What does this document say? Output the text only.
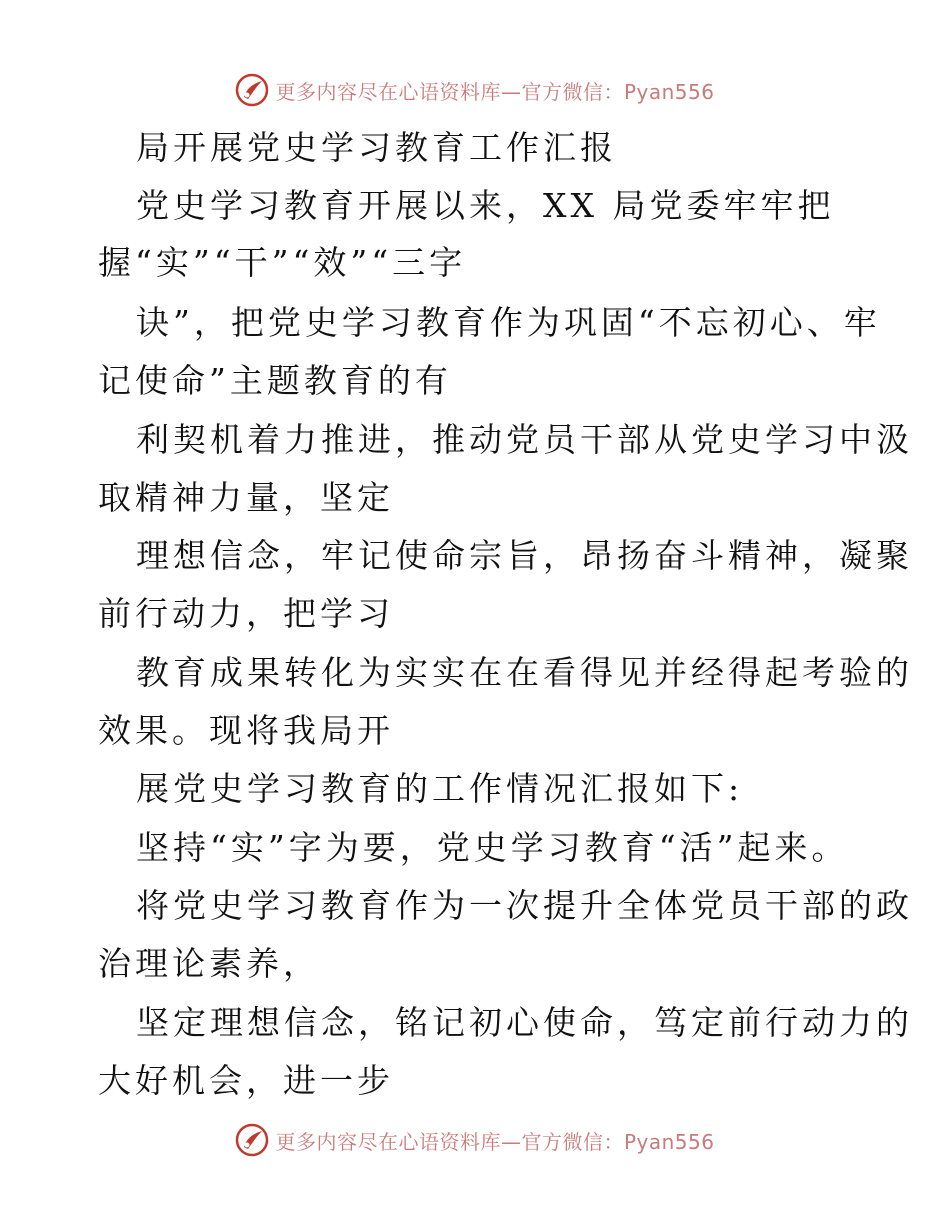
更多内容尽在心语资料库—官方微信：Pyan556
局开展党史学习教育工作汇报
党史学习教育开展以来，XX 局党委牢牢把
握“实”“干”“效”“三字
诀”，把党史学习教育作为巩固“不忘初心、牢
记使命”主题教育的有
利契机着力推进，推动党员干部从党史学习中汲
取精神力量，坚定
理想信念，牢记使命宗旨，昂扬奋斗精神，凝聚
前行动力，把学习
教育成果转化为实实在在看得见并经得起考验的
效果。现将我局开
展党史学习教育的工作情况汇报如下:
坚持“实”字为要，党史学习教育“活”起来。
将党史学习教育作为一次提升全体党员干部的政
治理论素养，
坚定理想信念，铭记初心使命，笃定前行动力的
大好机会，进一步
更多内容尽在心语资料库—官方微信：Pyan556
